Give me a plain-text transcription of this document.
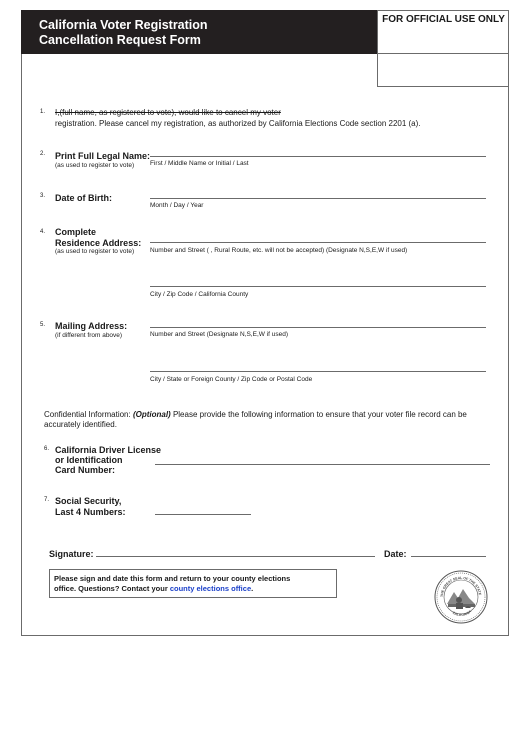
California Voter Registration
Cancellation Request Form
FOR OFFICIAL USE ONLY
1. I,(full name, as registered to vote), would like to cancel my voter
registration. Please cancel my registration, as authorized by California Elections Code section 2201 (a).
2. Print Full Legal Name:
(as used to register to vote) First / Middle Name or Initial / Last
3. Date of Birth:
Month / Day / Year
4. Complete
Residence Address:
(as used to register to vote) Number and Street ( , Rural Route, etc. will not be accepted) (Designate N,S,E,W if used)
City / Zip Code / California County
5. Mailing Address:
(if different from above)	Number and Street (Designate N,S,E,W if used)
City / State or Foreign County / Zip Code or Postal Code
Confidential Information: (Optional) Please provide the following information to ensure that your voter file record can be
accurately identified.
6. California Driver License
or Identification
Card Number:
7. Social Security,
Last 4 Numbers:
Signature:	Date:
Please sign and date this form and return to your county elections
office. Questions? Contact your county elections office.
THE GREAT SEAL OF THE STATE
CALIFORNIA
